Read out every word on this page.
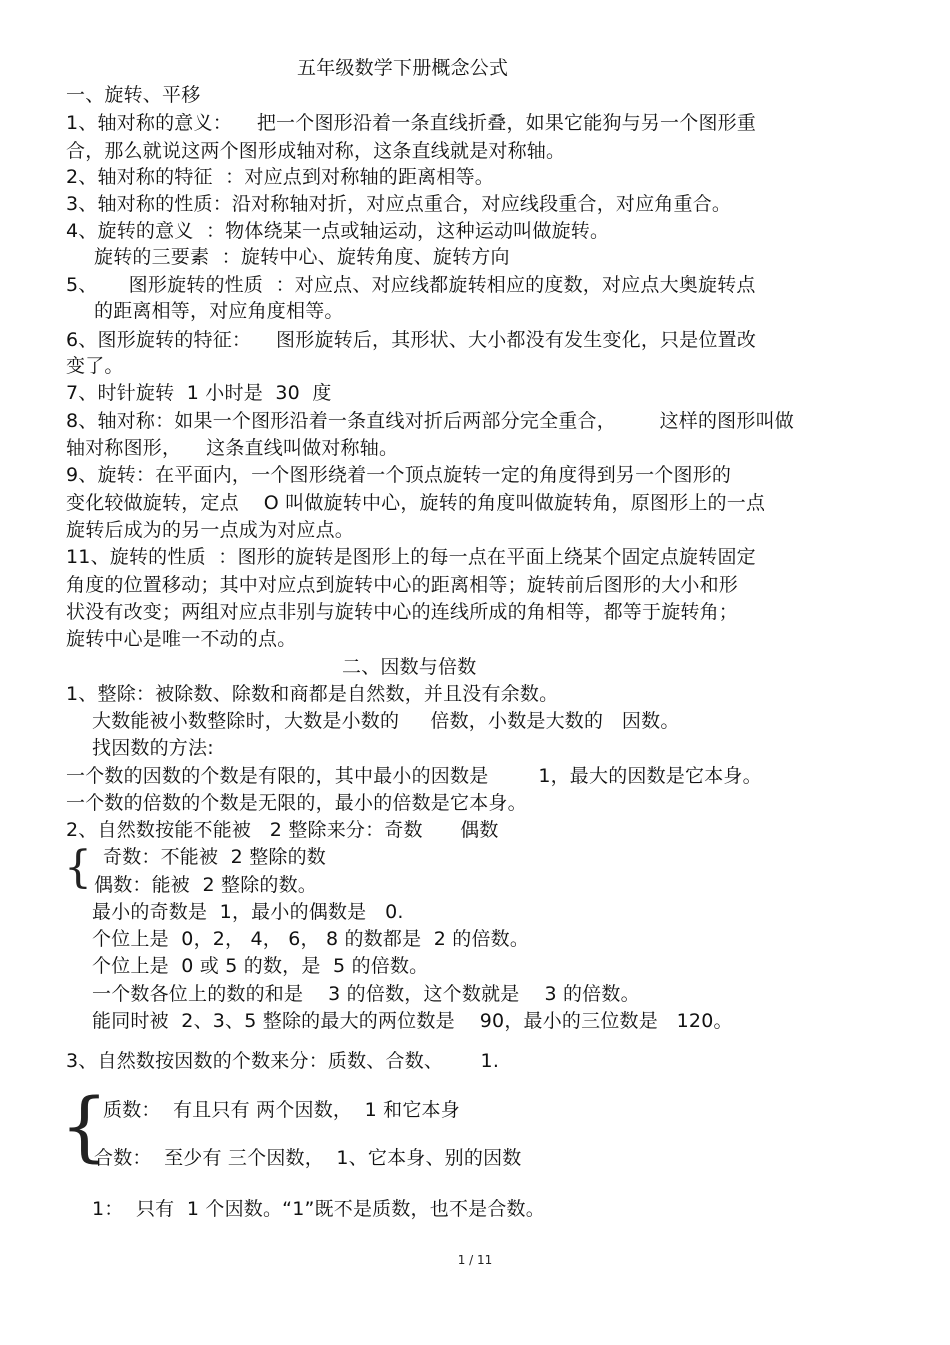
五年级数学下册概念公式
一、旋转、平移
1、轴对称的意义：    把一个图形沿着一条直线折叠，如果它能狗与另一个图形重
合，那么就说这两个图形成轴对称，这条直线就是对称轴。
2、轴对称的特征  ：对应点到对称轴的距离相等。
3、轴对称的性质：沿对称轴对折，对应点重合，对应线段重合，对应角重合。
4、旋转的意义  ：物体绕某一点或轴运动，这种运动叫做旋转。
旋转的三要素  ：旋转中心、旋转角度、旋转方向
5、     图形旋转的性质  ：对应点、对应线都旋转相应的度数，对应点大奥旋转点
的距离相等，对应角度相等。
6、图形旋转的特征：    图形旋转后，其形状、大小都没有发生变化，只是位置改
变了。
7、时针旋转  1 小时是  30  度
8、轴对称：如果一个图形沿着一条直线对折后两部分完全重合，       这样的图形叫做
轴对称图形，    这条直线叫做对称轴。
9、旋转：在平面内，一个图形绕着一个顶点旋转一定的角度得到另一个图形的
变化较做旋转，定点    O 叫做旋转中心，旋转的角度叫做旋转角，原图形上的一点
旋转后成为的另一点成为对应点。
11、旋转的性质  ：图形的旋转是图形上的每一点在平面上绕某个固定点旋转固定
角度的位置移动；其中对应点到旋转中心的距离相等；旋转前后图形的大小和形
状没有改变；两组对应点非别与旋转中心的连线所成的角相等，都等于旋转角；
旋转中心是唯一不动的点。
二、因数与倍数
1、整除：被除数、除数和商都是自然数，并且没有余数。
大数能被小数整除时，大数是小数的     倍数，小数是大数的   因数。
找因数的方法:
一个数的因数的个数是有限的，其中最小的因数是        1，最大的因数是它本身。
一个数的倍数的个数是无限的，最小的倍数是它本身。
2、自然数按能不能被   2 整除来分：奇数      偶数
{ 奇数：不能被  2 整除的数
偶数：能被  2 整除的数。
最小的奇数是  1，最小的偶数是   0.
个位上是  0，2， 4， 6， 8 的数都是  2 的倍数。
个位上是  0 或 5 的数，是  5 的倍数。
一个数各位上的数的和是    3 的倍数，这个数就是    3 的倍数。
能同时被  2、3、5 整除的最大的两位数是    90，最小的三位数是   120。
3、自然数按因数的个数来分：质数、合数、      1.
{
质数：  有且只有 两个因数，  1 和它本身
合数：  至少有 三个因数，  1、它本身、别的因数
1：  只有  1 个因数。“1”既不是质数，也不是合数。
1 / 11
